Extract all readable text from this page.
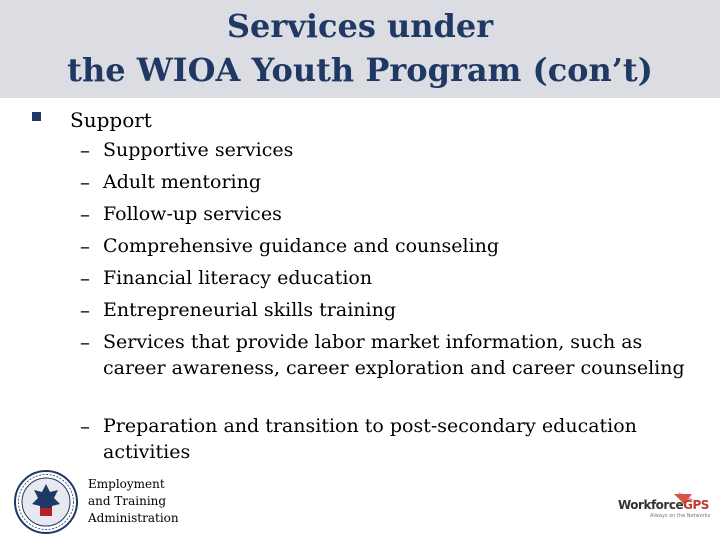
Services under
the WIOA Youth Program (con’t)
Support
– Supportive services
– Adult mentoring
– Follow-up services
– Comprehensive guidance and counseling
– Financial literacy education
– Entrepreneurial skills training
– Services that provide labor market information, such as career awareness, career exploration and career counseling
– Preparation and transition to post-secondary education activities
Employment
and Training
Administration
WorkforceGPS
Always on the Networks
